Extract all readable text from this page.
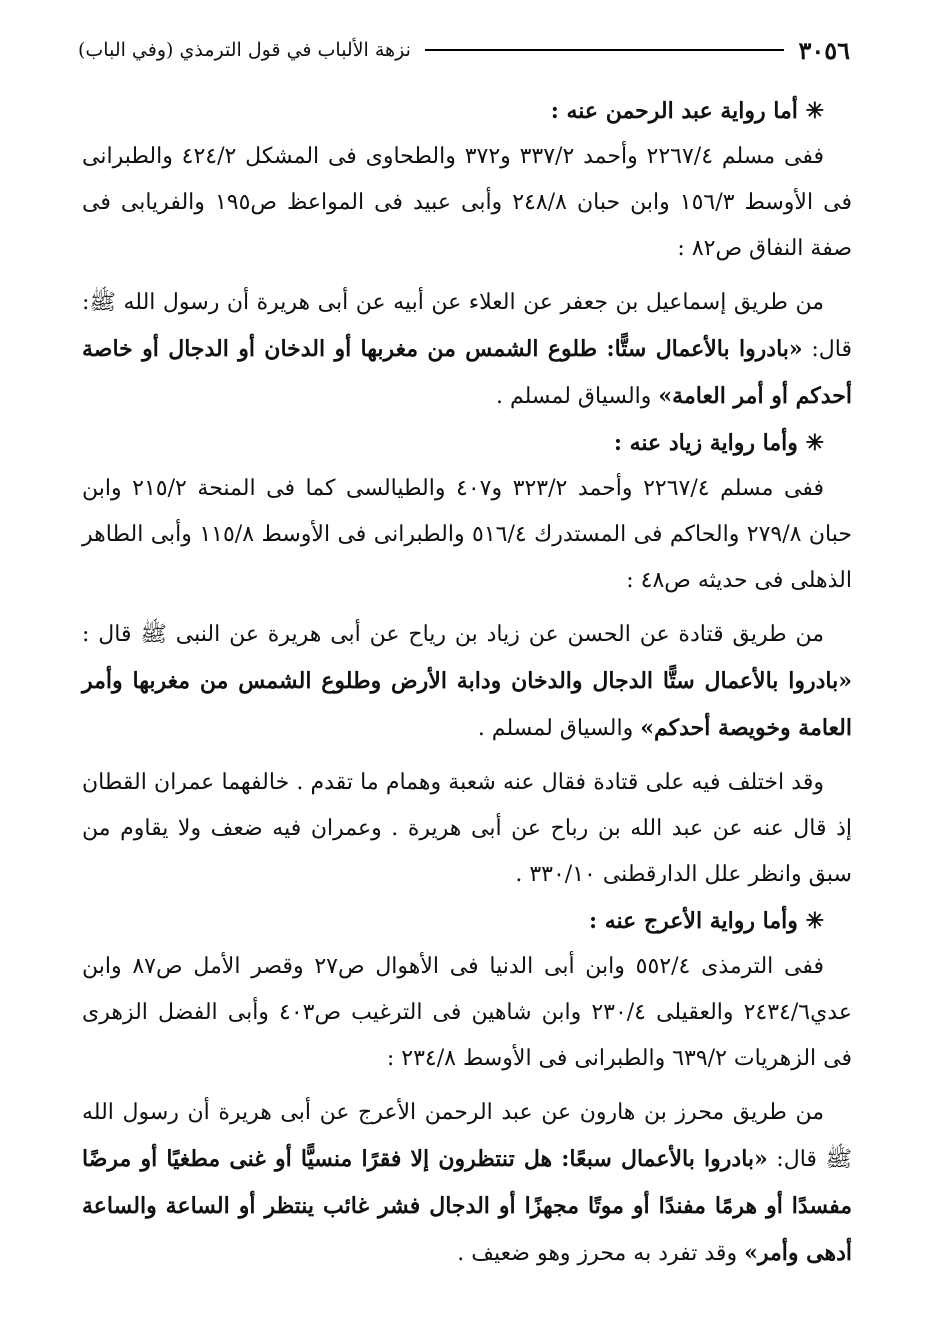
٣٠٥٦
نزهة الألباب في قول الترمذي (وفي الباب)

✳︎ أما رواية عبد الرحمن عنه :

ففى مسلم ٢٢٦٧/٤ وأحمد ٣٣٧/٢ و٣٧٢ والطحاوى فى المشكل ٤٢٤/٢ والطبرانى فى الأوسط ١٥٦/٣ وابن حبان ٢٤٨/٨ وأبى عبيد فى المواعظ ص١٩٥ والفريابى فى صفة النفاق ص٨٢ :

من طريق إسماعيل بن جعفر عن العلاء عن أبيه عن أبى هريرة أن رسول الله ﷺ: قال: «بادروا بالأعمال ستًّا: طلوع الشمس من مغربها أو الدخان أو الدجال أو خاصة أحدكم أو أمر العامة» والسياق لمسلم .

✳︎ وأما رواية زياد عنه :

ففى مسلم ٢٢٦٧/٤ وأحمد ٣٢٣/٢ و٤٠٧ والطيالسى كما فى المنحة ٢١٥/٢ وابن حبان ٢٧٩/٨ والحاكم فى المستدرك ٥١٦/٤ والطبرانى فى الأوسط ١١٥/٨ وأبى الطاهر الذهلى فى حديثه ص٤٨ :

من طريق قتادة عن الحسن عن زياد بن رياح عن أبى هريرة عن النبى ﷺ قال : «بادروا بالأعمال ستًّا الدجال والدخان ودابة الأرض وطلوع الشمس من مغربها وأمر العامة وخويصة أحدكم» والسياق لمسلم .

وقد اختلف فيه على قتادة فقال عنه شعبة وهمام ما تقدم . خالفهما عمران القطان إذ قال عنه عن عبد الله بن رباح عن أبى هريرة . وعمران فيه ضعف ولا يقاوم من سبق وانظر علل الدارقطنى ٣٣٠/١٠ .

✳︎ وأما رواية الأعرج عنه :

ففى الترمذى ٥٥٢/٤ وابن أبى الدنيا فى الأهوال ص٢٧ وقصر الأمل ص٨٧ وابن عدي٢٤٣٤/٦ والعقيلى ٢٣٠/٤ وابن شاهين فى الترغيب ص٤٠٣ وأبى الفضل الزهرى فى الزهريات ٦٣٩/٢ والطبرانى فى الأوسط ٢٣٤/٨ :

من طريق محرز بن هارون عن عبد الرحمن الأعرج عن أبى هريرة أن رسول الله ﷺ قال: «بادروا بالأعمال سبعًا: هل تنتظرون إلا فقرًا منسيًّا أو غنى مطغيًا أو مرضًا مفسدًا أو هرمًا مفندًا أو موتًا مجهزًا أو الدجال فشر غائب ينتظر أو الساعة والساعة أدهى وأمر» وقد تفرد به محرز وهو ضعيف .
